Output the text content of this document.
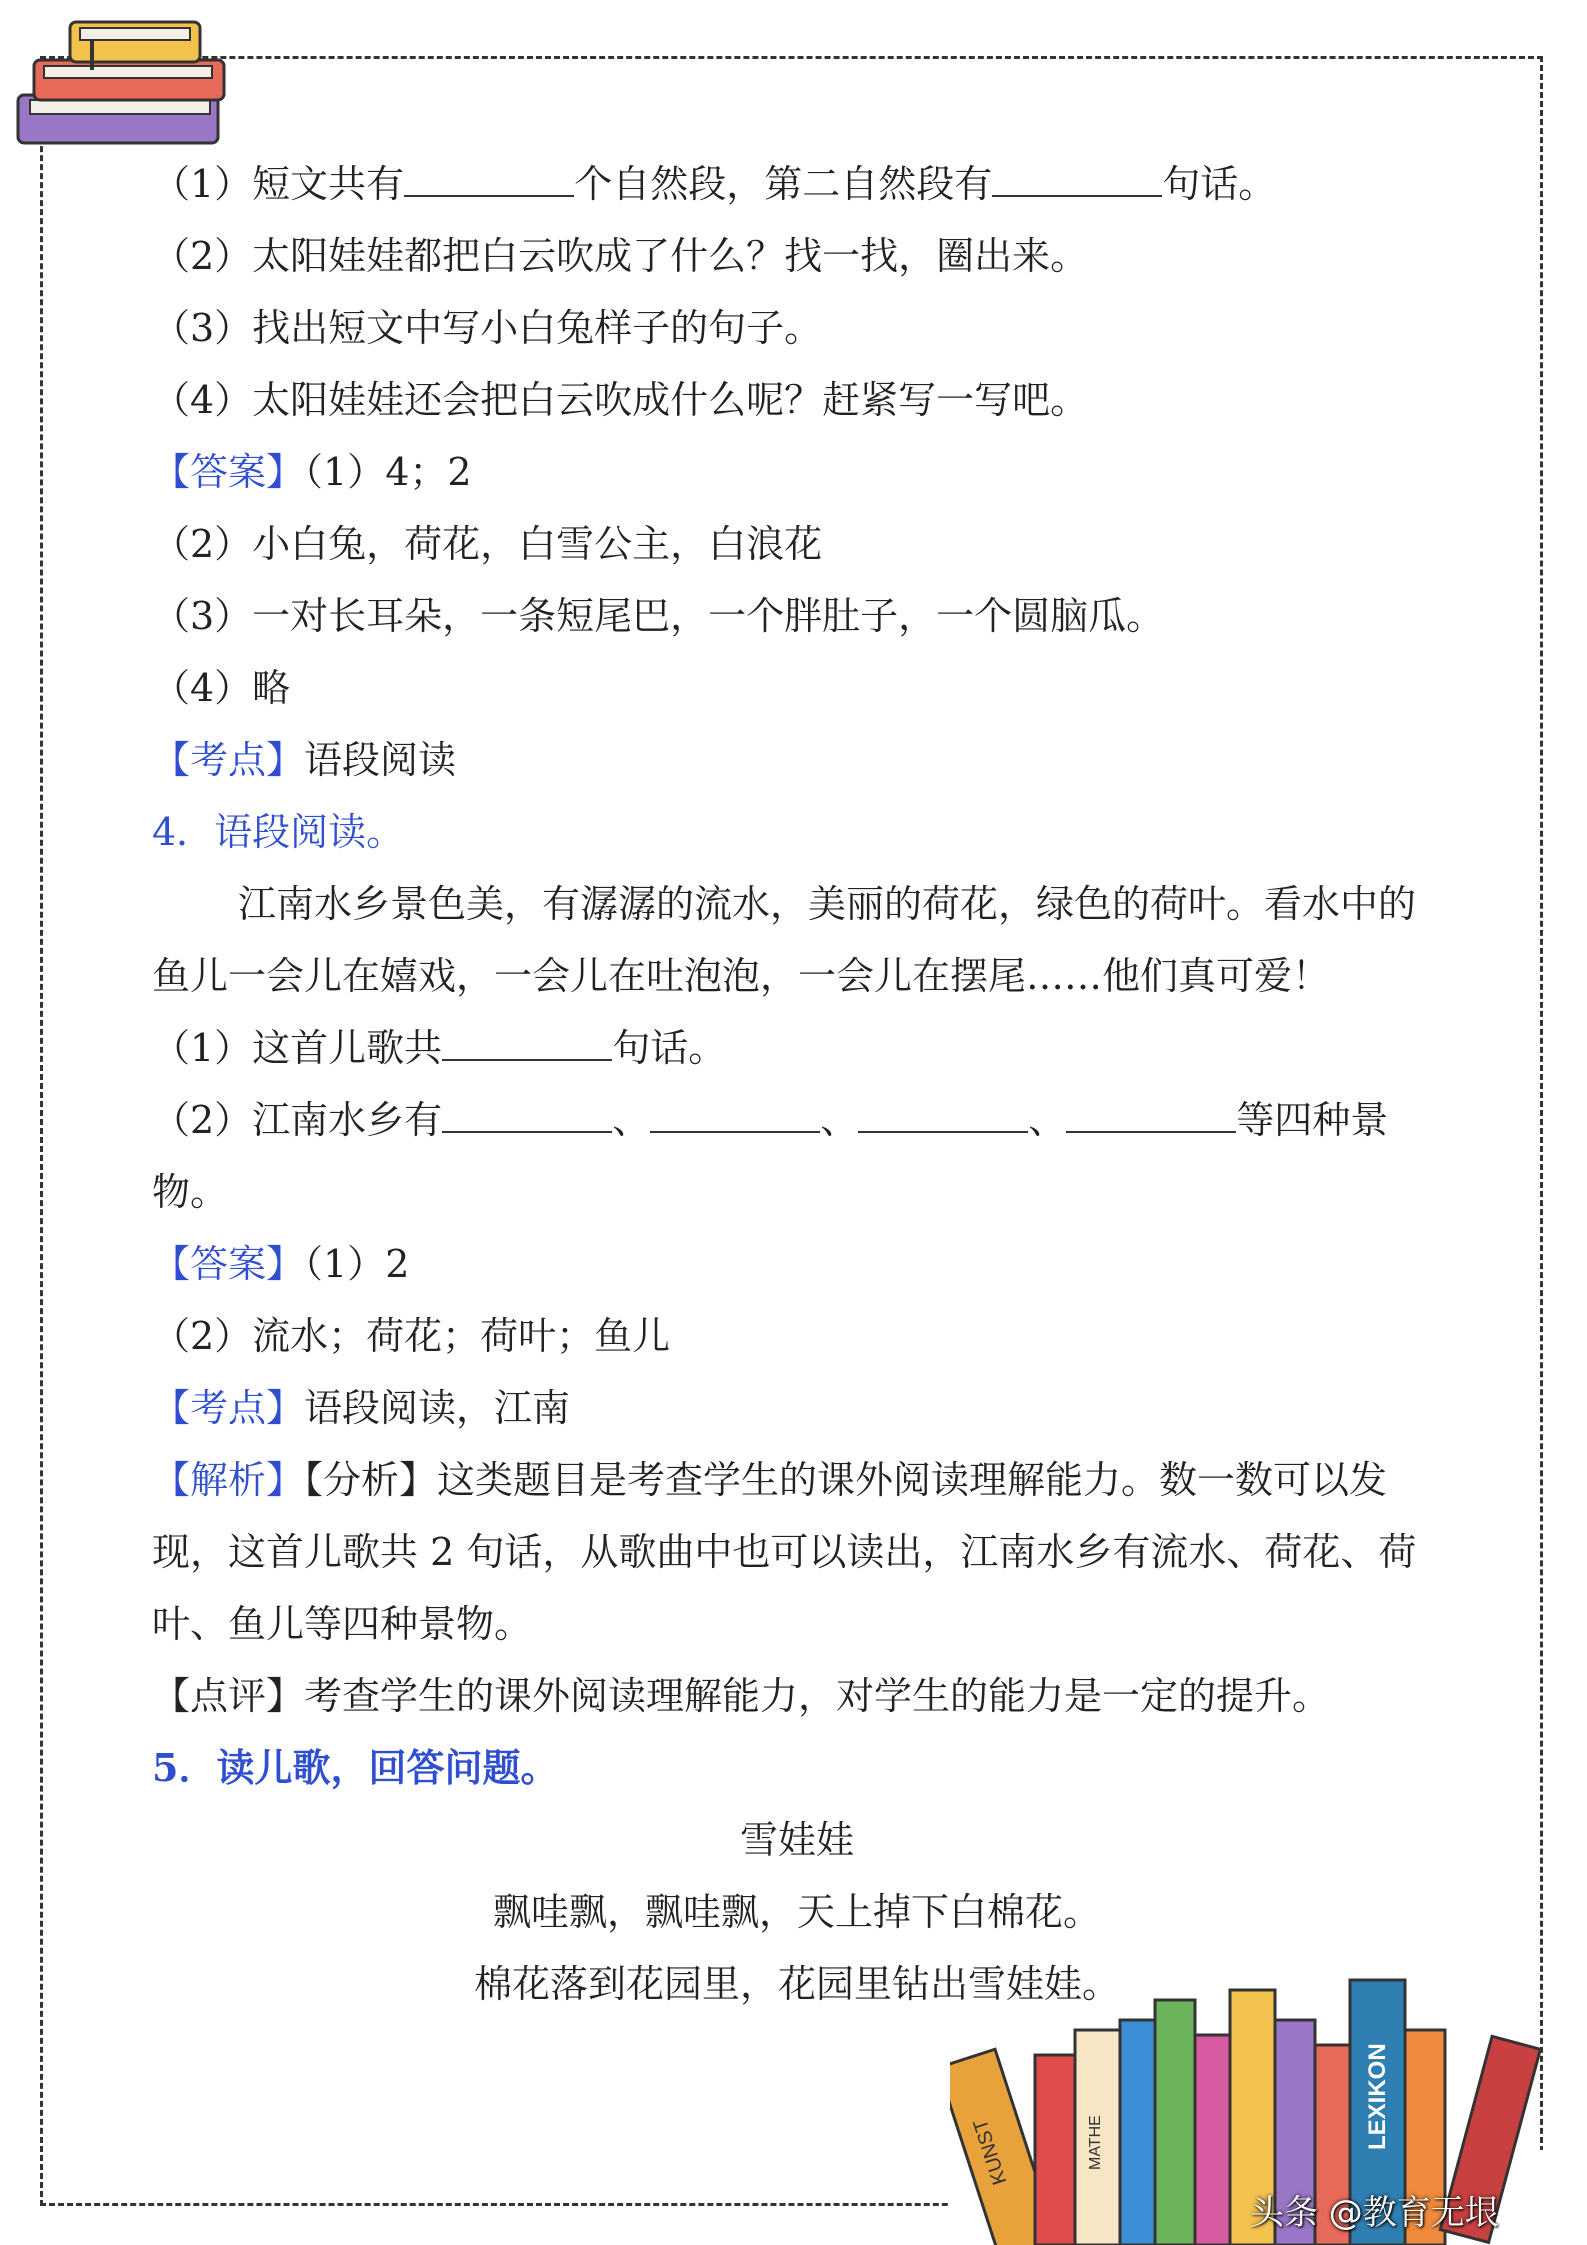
（1）短文共有	个自然段，第二自然段有	句话。

（2）太阳娃娃都把白云吹成了什么？找一找，圈出来。

（3）找出短文中写小白兔样子的句子。

（4）太阳娃娃还会把白云吹成什么呢？赶紧写一写吧。

【答案】（1）4；2

（2）小白兔，荷花，白雪公主，白浪花

（3）一对长耳朵，一条短尾巴，一个胖肚子，一个圆脑瓜。

（4）略

【考点】语段阅读

4．语段阅读。

江南水乡景色美，有潺潺的流水，美丽的荷花，绿色的荷叶。看水中的鱼儿一会儿在嬉戏，一会儿在吐泡泡，一会儿在摆尾……他们真可爱！

（1）这首儿歌共	句话。

（2）江南水乡有	、	、	、	等四种景物。

【答案】（1）2

（2）流水；荷花；荷叶；鱼儿

【考点】语段阅读，江南

【解析】【分析】这类题目是考查学生的课外阅读理解能力。数一数可以发现，这首儿歌共 2 句话，从歌曲中也可以读出，江南水乡有流水、荷花、荷叶、鱼儿等四种景物。

【点评】考查学生的课外阅读理解能力，对学生的能力是一定的提升。

5．读儿歌，回答问题。

雪娃娃

飘哇飘，飘哇飘，天上掉下白棉花。

棉花落到花园里，花园里钻出雪娃娃。

KUNST	MATHE	LEXIKON
头条 @教育无垠
